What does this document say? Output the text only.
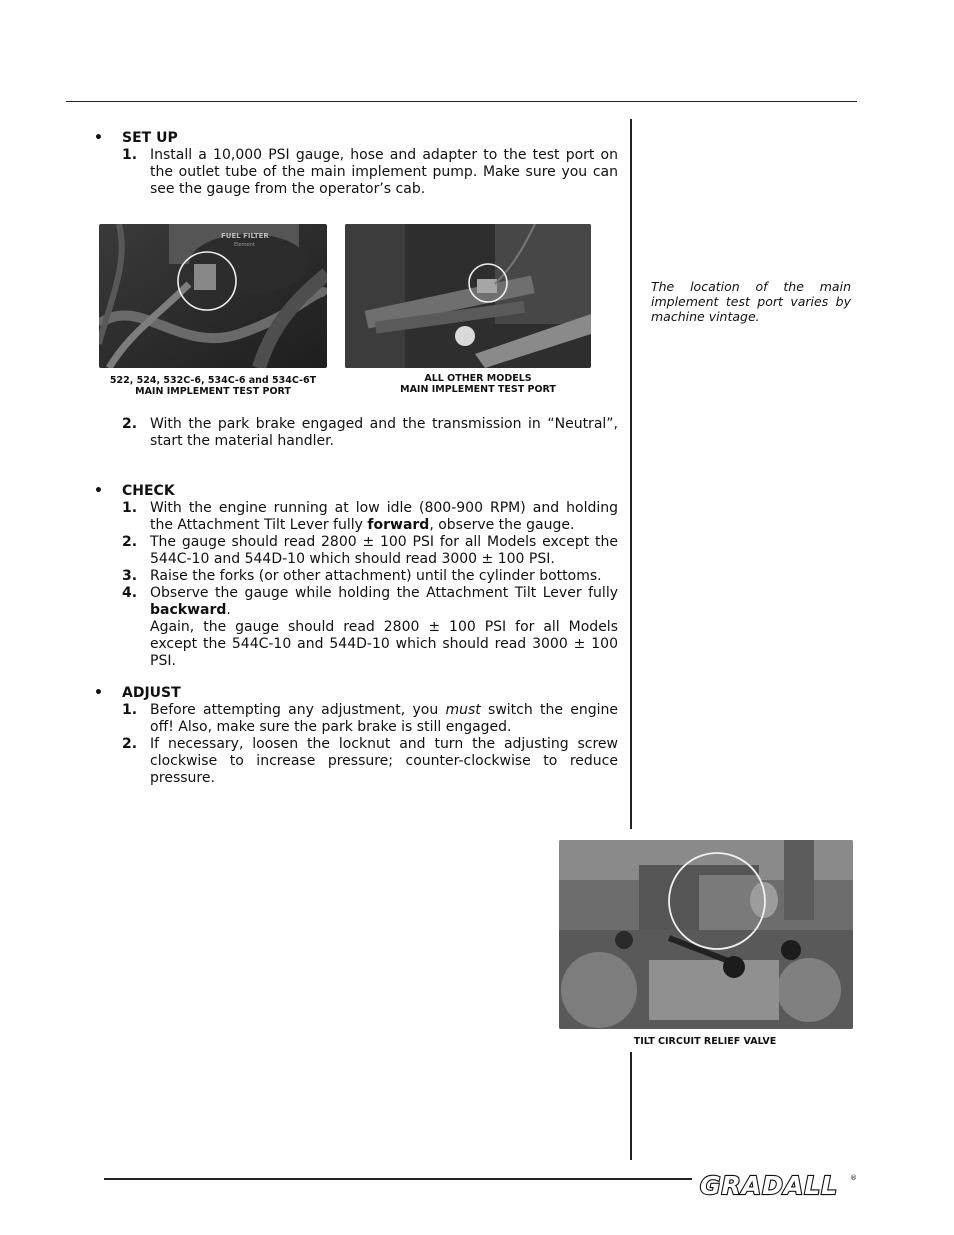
• SET UP
1. Install a 10,000 PSI gauge, hose and adapter to the test port on the outlet tube of the main implement pump. Make sure you can see the gauge from the operator’s cab.
FUEL FILTER
Element
522, 524, 532C-6, 534C-6 and 534C-6T
MAIN IMPLEMENT TEST PORT
ALL OTHER MODELS
MAIN IMPLEMENT TEST PORT
2. With the park brake engaged and the transmission in “Neutral”, start the material handler.
• CHECK
1. With the engine running at low idle (800-900 RPM) and holding the Attachment Tilt Lever fully forward, observe the gauge.
2. The gauge should read 2800 ± 100 PSI for all Models except the 544C-10 and 544D-10 which should read 3000 ± 100 PSI.
3. Raise the forks (or other attachment) until the cylinder bottoms.
4. Observe the gauge while holding the Attachment Tilt Lever fully backward.
Again, the gauge should read 2800 ± 100 PSI for all Models except the 544C-10 and 544D-10 which should read 3000 ± 100 PSI.
• ADJUST
1. Before attempting any adjustment, you must switch the engine off! Also, make sure the park brake is still engaged.
2. If necessary, loosen the locknut and turn the adjusting screw clockwise to increase pressure; counter-clockwise to reduce pressure.
The location of the main implement test port varies by machine vintage.
TILT CIRCUIT RELIEF VALVE
GRADALL ®
